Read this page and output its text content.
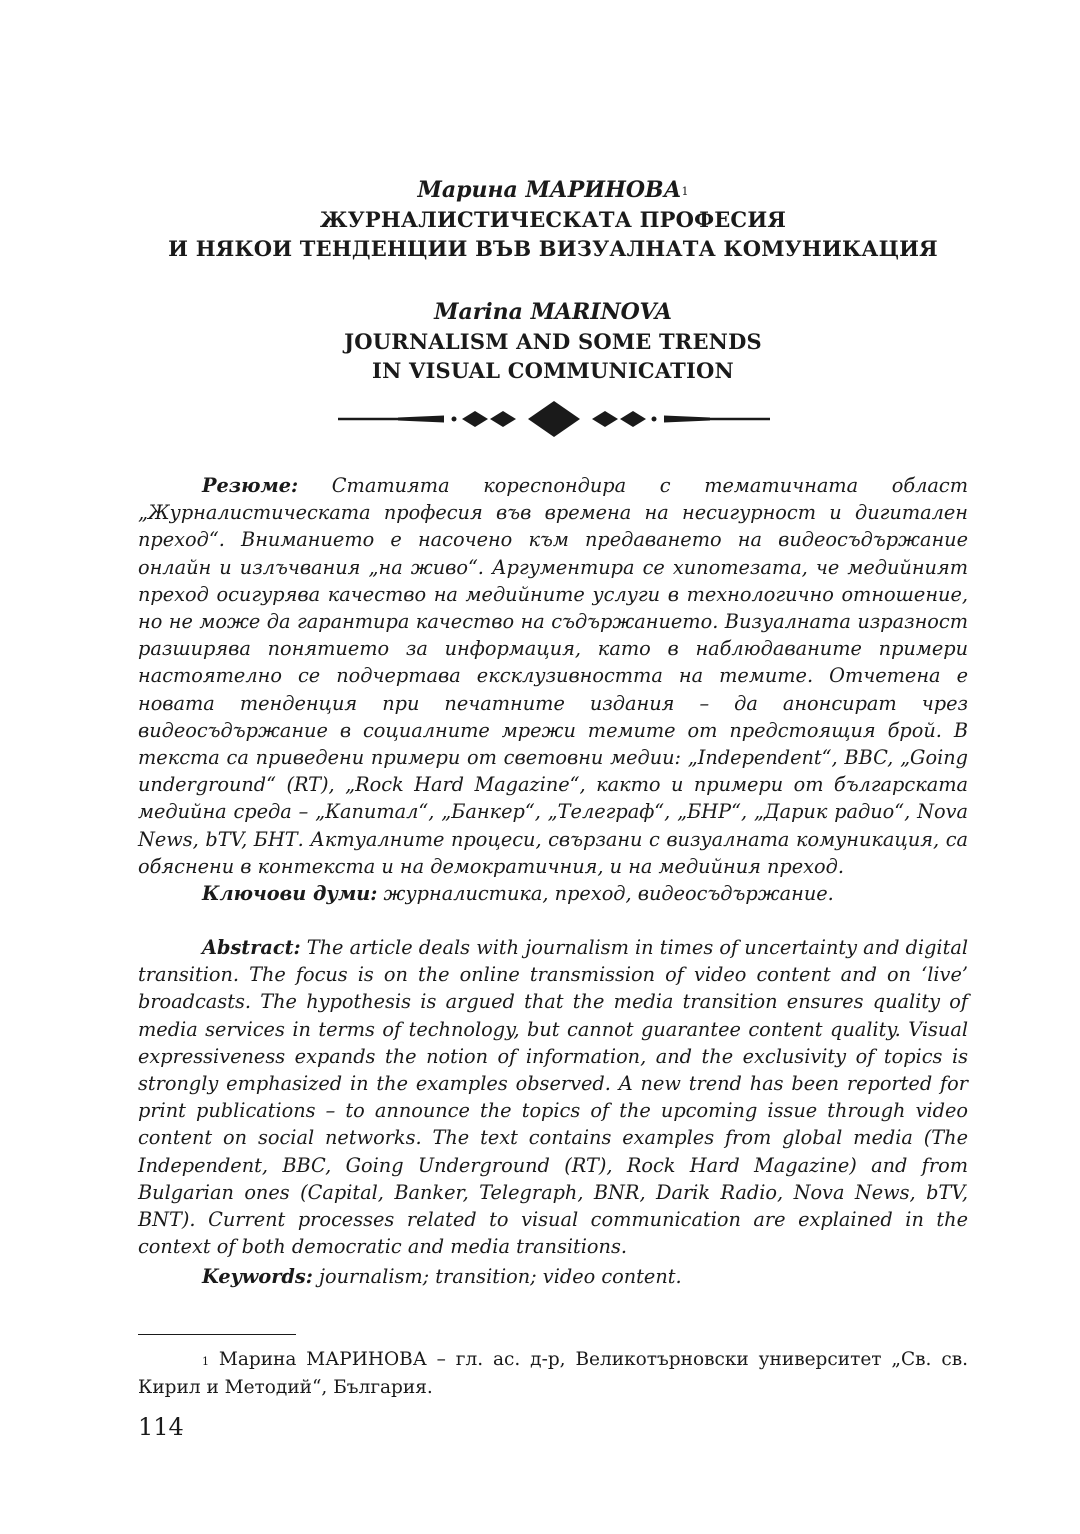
Марина МАРИНОВА$^1$
ЖУРНАЛИСТИЧЕСКАТА ПРОФЕСИЯ
И НЯКОИ ТЕНДЕНЦИИ ВЪВ ВИЗУАЛНАТА КОМУНИКАЦИЯ
Marina MARINOVA
JOURNALISM AND SOME TRENDS
IN VISUAL COMMUNICATION

Резюме: Статията кореспондира с тематичната област „Журналистическата професия във времена на несигурност и дигитален преход“. Вниманието е насочено към предаването на видеосъдържание онлайн и излъчвания „на живо“. Аргументира се хипотезата, че медийният преход осигурява качество на медийните услуги в технологично отношение, но не може да гарантира качество на съдържанието. Визуалната изразност разширява понятието за информация, като в наблюдаваните примери настоятелно се подчертава ексклузивността на темите. Отчетена е новата тенденция при печатните издания – да анонсират чрез видеосъдържание в социалните мрежи темите от предстоящия брой. В текста са приведени примери от световни медии: „Independent“, BBC, „Going underground“ (RT), „Rock Hard Magazine“, както и примери от българската медийна среда – „Капитал“, „Банкер“, „Телеграф“, „БНР“, „Дарик радио“, Nova News, bTV, БНТ. Актуалните процеси, свързани с визуалната комуникация, са обяснени в контекста и на демократичния, и на медийния преход.

Ключови думи: журналистика, преход, видеосъдържание.

Abstract: The article deals with journalism in times of uncertainty and digital transition. The focus is on the online transmission of video content and on ‘live’ broadcasts. The hypothesis is argued that the media transition ensures quality of media services in terms of technology, but cannot guarantee content quality. Visual expressiveness expands the notion of information, and the exclusivity of topics is strongly emphasized in the examples observed. A new trend has been reported for print publications – to announce the topics of the upcoming issue through video content on social networks. The text contains examples from global media (The Independent, BBC, Going Underground (RT), Rock Hard Magazine) and from Bulgarian ones (Capital, Banker, Telegraph, BNR, Darik Radio, Nova News, bTV, BNT). Current processes related to visual communication are explained in the context of both democratic and media transitions.

Keywords: journalism; transition; video content.

$^1$ Марина МАРИНОВА – гл. ас. д-р, Великотърновски университет „Св. св. Кирил и Методий“, България.

114
